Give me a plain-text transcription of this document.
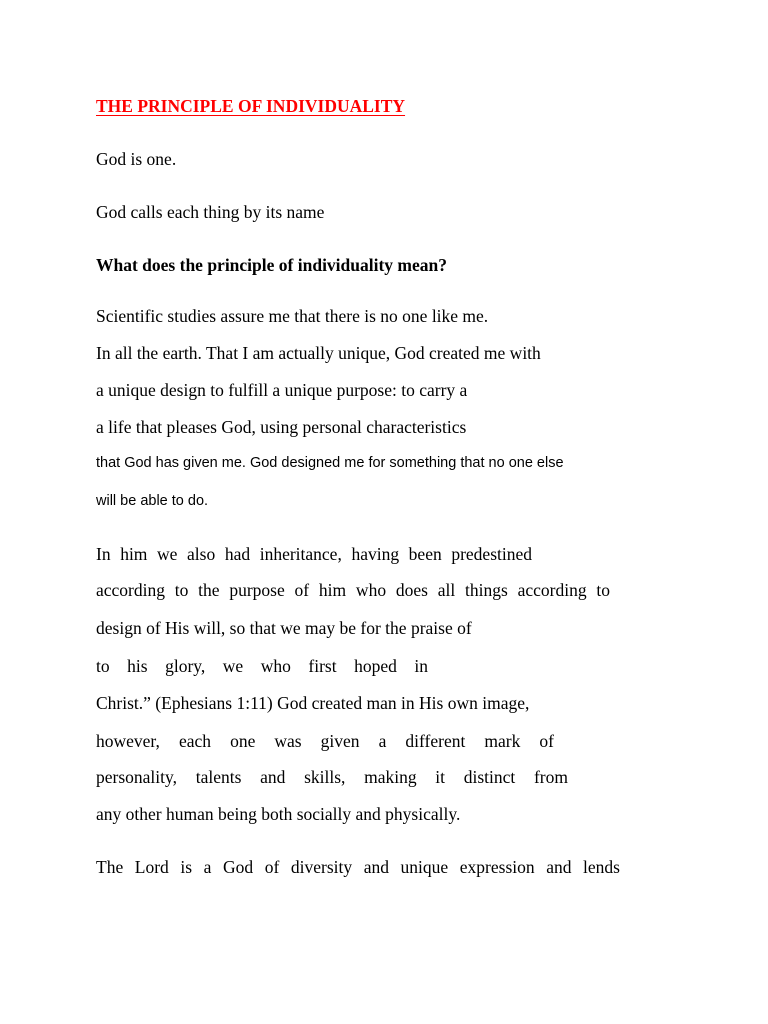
THE PRINCIPLE OF INDIVIDUALITY

God is one.

God calls each thing by its name

What does the principle of individuality mean?

Scientific studies assure me that there is no one like me.

In all the earth. That I am actually unique, God created me with

a unique design to fulfill a unique purpose: to carry a

a life that pleases God, using personal characteristics

that God has given me. God designed me for something that no one else

will be able to do.

In him we also had inheritance, having been predestined

according to the purpose of him who does all things according to

design of His will, so that we may be for the praise of

to his glory, we who first hoped in

Christ.” (Ephesians 1:11) God created man in His own image,

however, each one was given a different mark of

personality, talents and skills, making it distinct from

any other human being both socially and physically.

The Lord is a God of diversity and unique expression and lends
